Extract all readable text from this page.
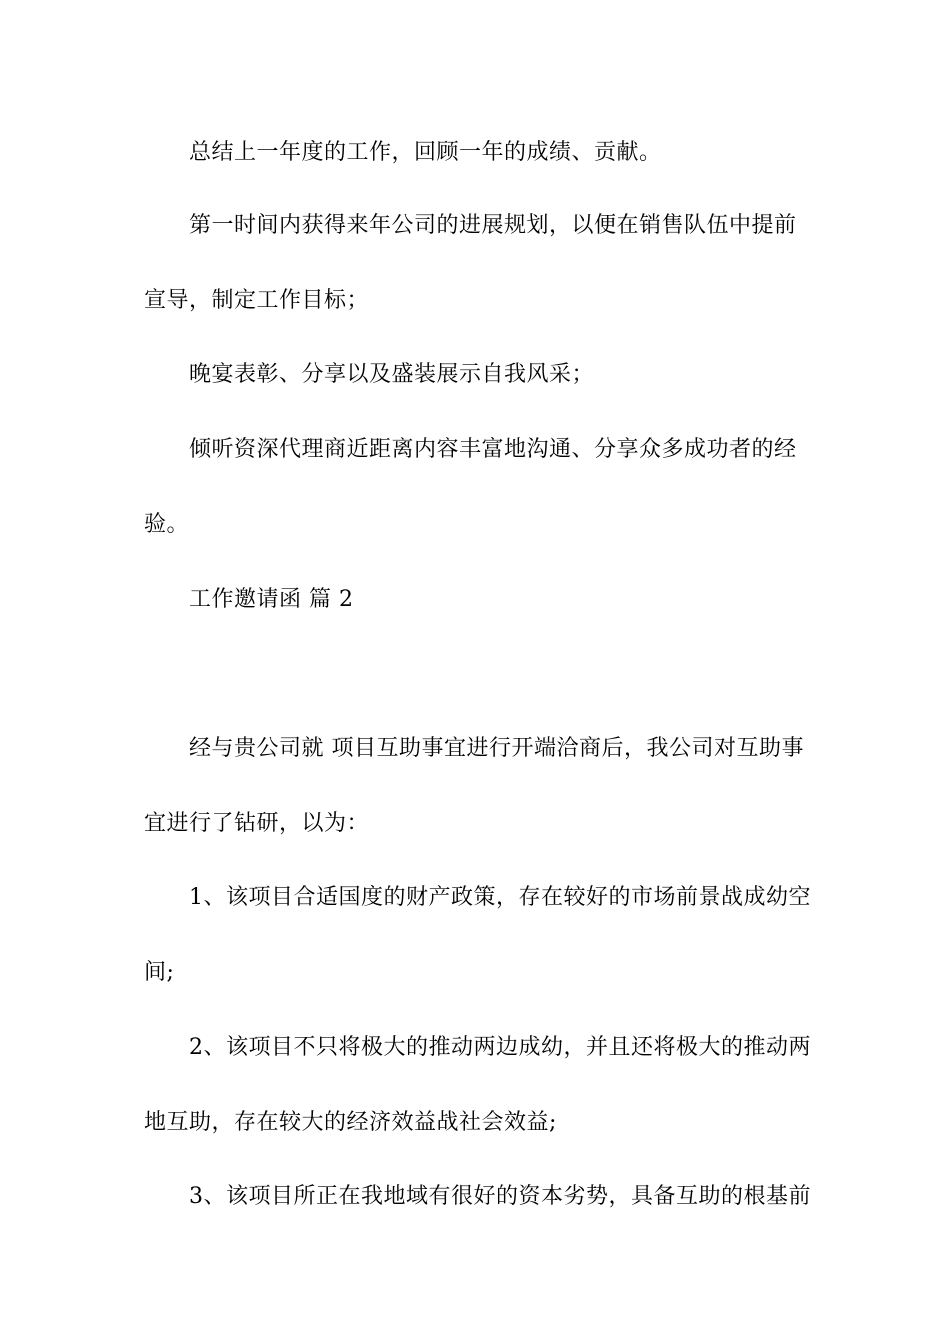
总结上一年度的工作，回顾一年的成绩、贡献。
第一时间内获得来年公司的进展规划，以便在销售队伍中提前
宣导，制定工作目标；
晚宴表彰、分享以及盛装展示自我风采；
倾听资深代理商近距离内容丰富地沟通、分享众多成功者的经
验。
工作邀请函 篇 2
经与贵公司就 项目互助事宜进行开端洽商后，我公司对互助事
宜进行了钻研，以为：
1、该项目合适国度的财产政策，存在较好的市场前景战成幼空
间;
2、该项目不只将极大的推动两边成幼，并且还将极大的推动两
地互助，存在较大的经济效益战社会效益;
3、该项目所正在我地域有很好的资本劣势，具备互助的根基前
